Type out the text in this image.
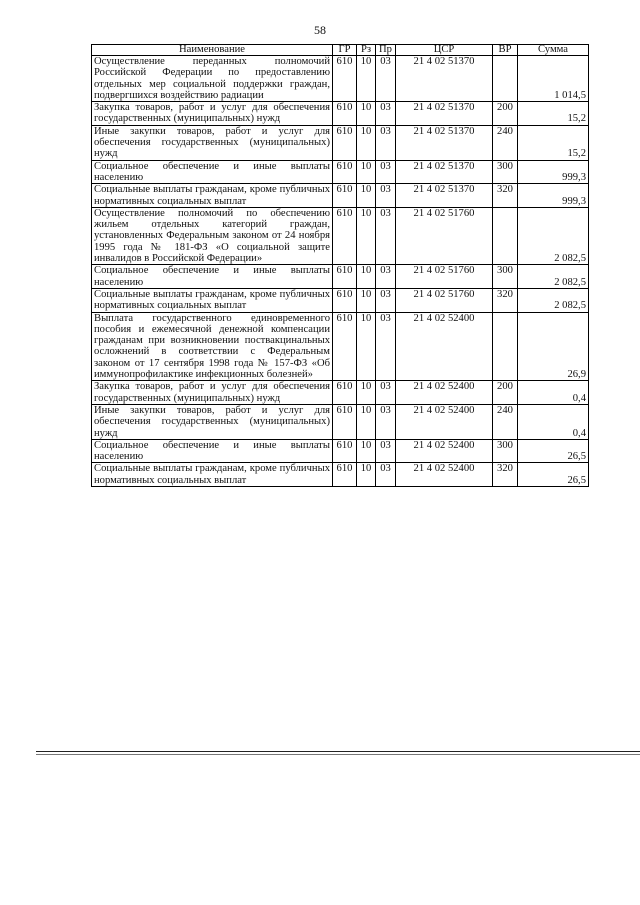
58
Наименование	ГР	Рз	Пр	ЦСР	ВР	Сумма
Осуществление переданных полномочий Российской Федерации по предоставлению отдельных мер социальной поддержки граждан, подвергшихся воздействию радиации	610	10	03	21 4 02 51370		1 014,5
Закупка товаров, работ и услуг для обеспечения государственных (муниципальных) нужд	610	10	03	21 4 02 51370	200	15,2
Иные закупки товаров, работ и услуг для обеспечения государственных (муниципальных) нужд	610	10	03	21 4 02 51370	240	15,2
Социальное обеспечение и иные выплаты населению	610	10	03	21 4 02 51370	300	999,3
Социальные выплаты гражданам, кроме публичных нормативных социальных выплат	610	10	03	21 4 02 51370	320	999,3
Осуществление полномочий по обеспечению жильем отдельных категорий граждан, установленных Федеральным законом от 24 ноября 1995 года № 181-ФЗ «О социальной защите инвалидов в Российской Федерации»	610	10	03	21 4 02 51760		2 082,5
Социальное обеспечение и иные выплаты населению	610	10	03	21 4 02 51760	300	2 082,5
Социальные выплаты гражданам, кроме публичных нормативных социальных выплат	610	10	03	21 4 02 51760	320	2 082,5
Выплата государственного единовременного пособия и ежемесячной денежной компенсации гражданам при возникновении поствакцинальных осложнений в соответствии с Федеральным законом от 17 сентября 1998 года № 157-ФЗ «Об иммунопрофилактике инфекционных болезней»	610	10	03	21 4 02 52400		26,9
Закупка товаров, работ и услуг для обеспечения государственных (муниципальных) нужд	610	10	03	21 4 02 52400	200	0,4
Иные закупки товаров, работ и услуг для обеспечения государственных (муниципальных) нужд	610	10	03	21 4 02 52400	240	0,4
Социальное обеспечение и иные выплаты населению	610	10	03	21 4 02 52400	300	26,5
Социальные выплаты гражданам, кроме публичных нормативных социальных выплат	610	10	03	21 4 02 52400	320	26,5
